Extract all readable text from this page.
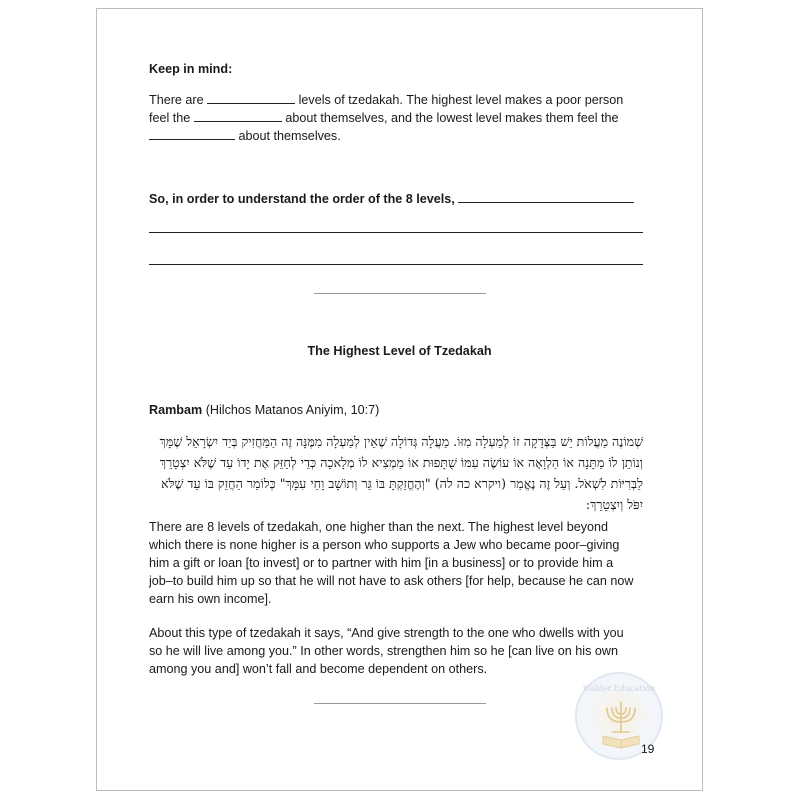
Keep in mind:
There are	levels of tzedakah. The highest level makes a poor person
feel the	about themselves, and the lowest level makes them feel the
about themselves.
So, in order to understand the order of the 8 levels,
The Highest Level of Tzedakah
Rambam (Hilchos Matanos Aniyim, 10:7)
שְׁמוֹנֶה מַעֲלוֹת יֵשׁ בַּצְּדָקָה זוֹ לְמַעְלָה מִזּוֹ. מַעֲלָה גְּדוֹלָה שֶׁאֵין לְמַעְלָה מִמֶּנָּה זֶה הַמַּחֲזִיק בְּיַד יִשְׂרָאֵל שֶׁמָּךְ
וְנוֹתֵן לוֹ מַתָּנָה אוֹ הַלְוָאָה אוֹ עוֹשֶׂה עִמּוֹ שֻׁתָּפוּת אוֹ מַמְצִיא לוֹ מְלָאכָה כְּדֵי לְחַזֵּק אֶת יָדוֹ עַד שֶׁלֹּא יִצְטָרֵךְ
לַבְּרִיּוֹת לִשְׁאֹל. וְעַל זֶה נֶאֱמַר (ויקרא כה לה) "וְהֶחֱזַקְתָּ בּוֹ גֵּר וְתוֹשָׁב וָחַי עִמָּךְ" כְּלוֹמַר הַחֲזֵק בּוֹ עַד שֶׁלֹּא
יִפֹּל וְיִצְטָרֵךְ:
There are 8 levels of tzedakah, one higher than the next. The highest level beyond
which there is none higher is a person who supports a Jew who became poor–giving
him a gift or loan [to invest] or to partner with him [in a business] or to provide him a
job–to build him up so that he will not have to ask others [for help, because he can now
earn his own income].
About this type of tzedakah it says, “And give strength to the one who dwells with you
so he will live among you.” In other words, strengthen him so he [can live on his own
among you and] won’t fall and become dependent on others.
Walder Education
19
